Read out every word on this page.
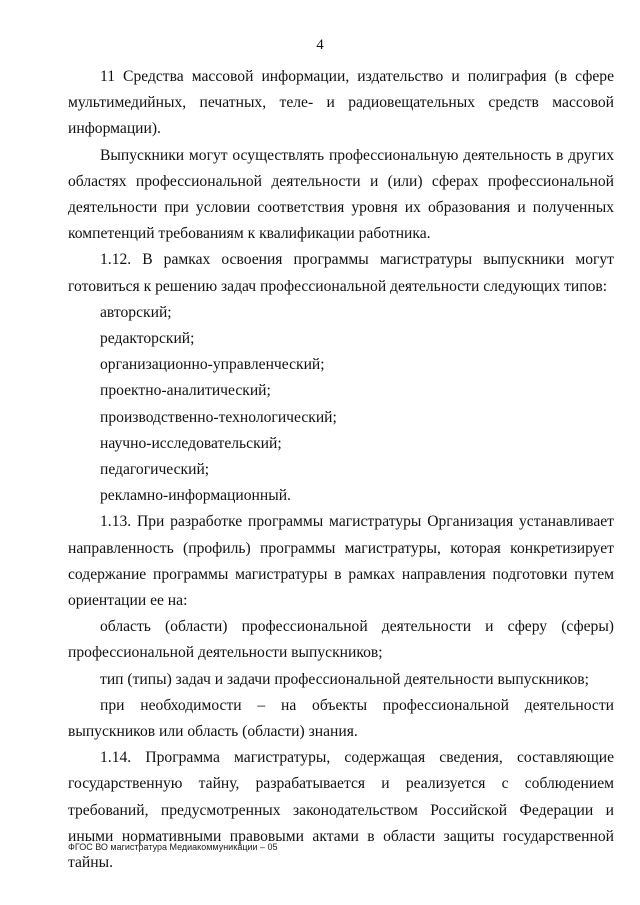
4

11 Средства массовой информации, издательство и полиграфия (в сфере мультимедийных, печатных, теле- и радиовещательных средств массовой информации).

Выпускники могут осуществлять профессиональную деятельность в других областях профессиональной деятельности и (или) сферах профессиональной деятельности при условии соответствия уровня их образования и полученных компетенций требованиям к квалификации работника.

1.12. В рамках освоения программы магистратуры выпускники могут готовиться к решению задач профессиональной деятельности следующих типов:

авторский;

редакторский;

организационно-управленческий;

проектно-аналитический;

производственно-технологический;

научно-исследовательский;

педагогический;

рекламно-информационный.

1.13. При разработке программы магистратуры Организация устанавливает направленность (профиль) программы магистратуры, которая конкретизирует содержание программы магистратуры в рамках направления подготовки путем ориентации ее на:

область (области) профессиональной деятельности и сферу (сферы) профессиональной деятельности выпускников;

тип (типы) задач и задачи профессиональной деятельности выпускников;

при необходимости – на объекты профессиональной деятельности выпускников или область (области) знания.

1.14. Программа магистратуры, содержащая сведения, составляющие государственную тайну, разрабатывается и реализуется с соблюдением требований, предусмотренных законодательством Российской Федерации и иными нормативными правовыми актами в области защиты государственной тайны.

ФГОС ВО магистратура Медиакоммуникации – 05
